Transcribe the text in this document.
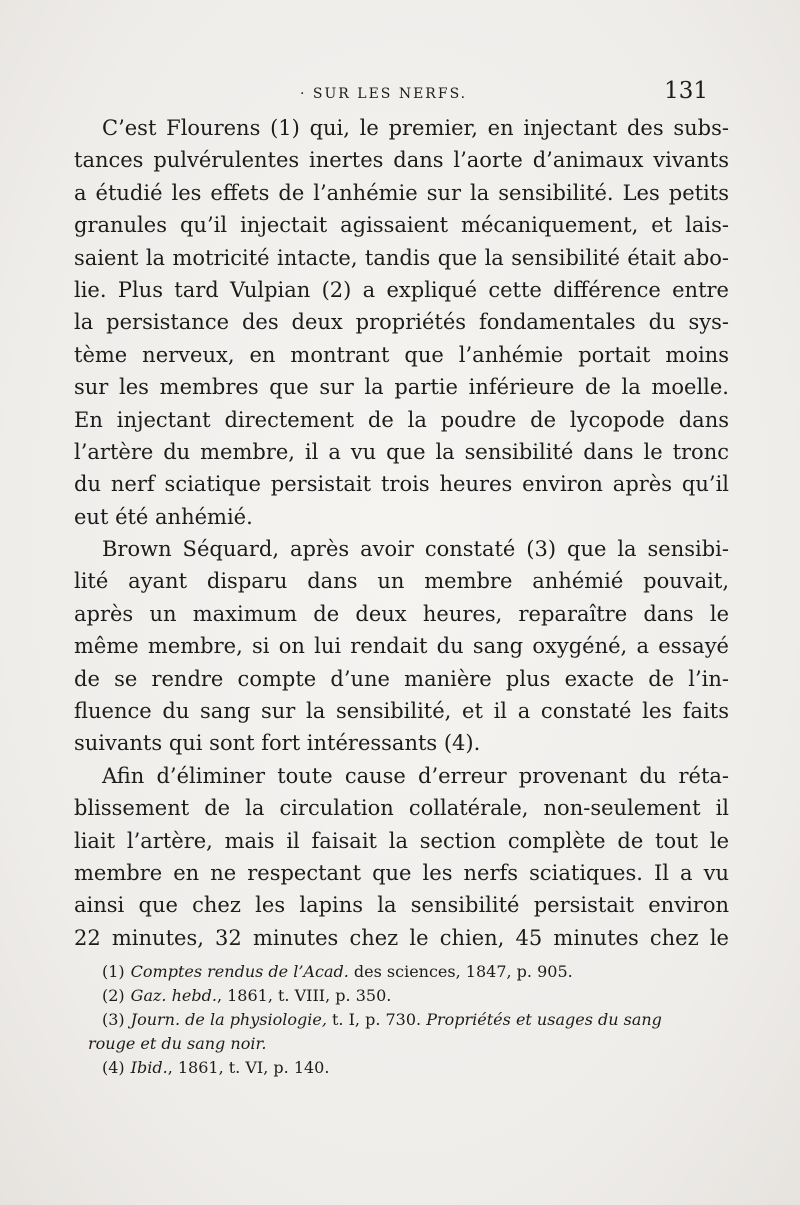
· SUR LES NERFS.	131
C’est Flourens (1) qui, le premier, en injectant des subs-
tances pulvérulentes inertes dans l’aorte d’animaux vivants
a étudié les effets de l’anhémie sur la sensibilité. Les petits
granules qu’il injectait agissaient mécaniquement, et lais-
saient la motricité intacte, tandis que la sensibilité était abo-
lie. Plus tard Vulpian (2) a expliqué cette différence entre
la persistance des deux propriétés fondamentales du sys-
tème nerveux, en montrant que l’anhémie portait moins
sur les membres que sur la partie inférieure de la moelle.
En injectant directement de la poudre de lycopode dans
l’artère du membre, il a vu que la sensibilité dans le tronc
du nerf sciatique persistait trois heures environ après qu’il
eut été anhémié.
Brown Séquard, après avoir constaté (3) que la sensibi-
lité ayant disparu dans un membre anhémié pouvait,
après un maximum de deux heures, reparaître dans le
même membre, si on lui rendait du sang oxygéné, a essayé
de se rendre compte d’une manière plus exacte de l’in-
fluence du sang sur la sensibilité, et il a constaté les faits
suivants qui sont fort intéressants (4).
Afin d’éliminer toute cause d’erreur provenant du réta-
blissement de la circulation collatérale, non-seulement il
liait l’artère, mais il faisait la section complète de tout le
membre en ne respectant que les nerfs sciatiques. Il a vu
ainsi que chez les lapins la sensibilité persistait environ
22 minutes, 32 minutes chez le chien, 45 minutes chez le
(1) Comptes rendus de l’Acad. des sciences, 1847, p. 905.
(2) Gaz. hebd., 1861, t. VIII, p. 350.
(3) Journ. de la physiologie, t. I, p. 730. Propriétés et usages du sang
rouge et du sang noir.
(4) Ibid., 1861, t. VI, p. 140.
